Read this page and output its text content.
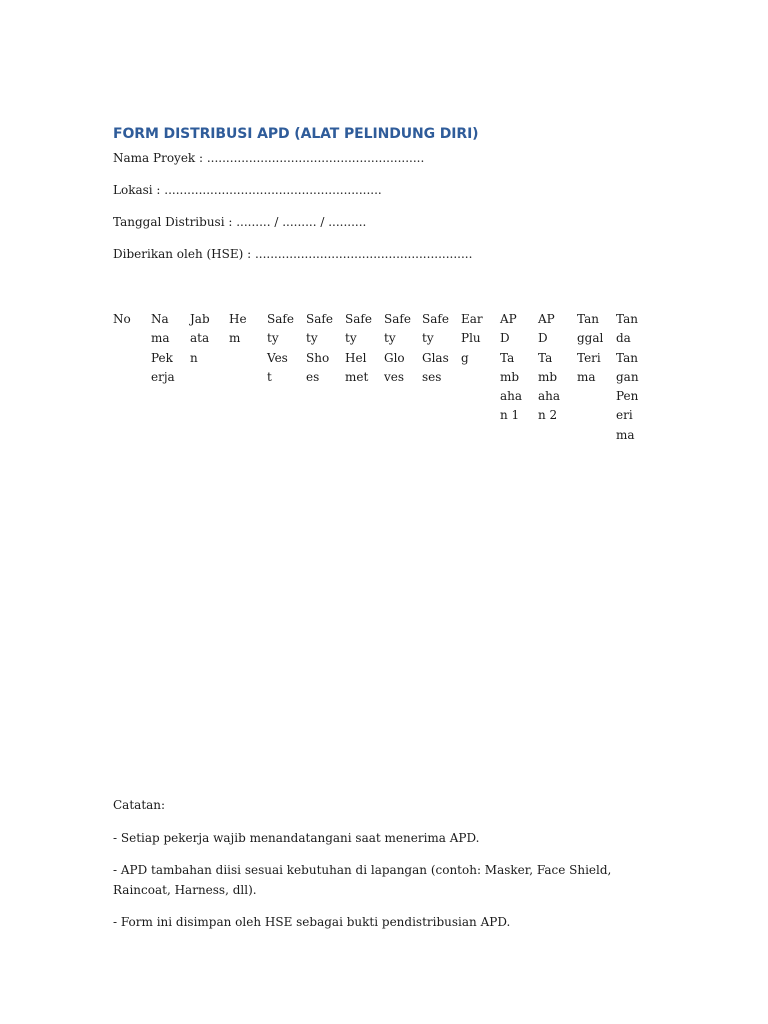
FORM DISTRIBUSI APD (ALAT PELINDUNG DIRI)
Nama Proyek : .........................................................
Lokasi : .........................................................
Tanggal Distribusi : ......... / ......... / ..........
Diberikan oleh (HSE) : .........................................................
No Na
ma
Pek
erja
Jab
ata
n
He
m
Safe
ty
Ves
t
Safe
ty
Sho
es
Safe
ty
Hel
met
Safe
ty
Glo
ves
Safe
ty
Glas
ses
Ear
Plu
g
AP
D
Ta
mb
aha
n 1
AP
D
Ta
mb
aha
n 2
Tan
ggal
Teri
ma
Tan
da
Tan
gan
Pen
eri
ma

Catatan:

- Setiap pekerja wajib menandatangani saat menerima APD.

- APD tambahan diisi sesuai kebutuhan di lapangan (contoh: Masker, Face Shield, Raincoat, Harness, dll).

- Form ini disimpan oleh HSE sebagai bukti pendistribusian APD.
